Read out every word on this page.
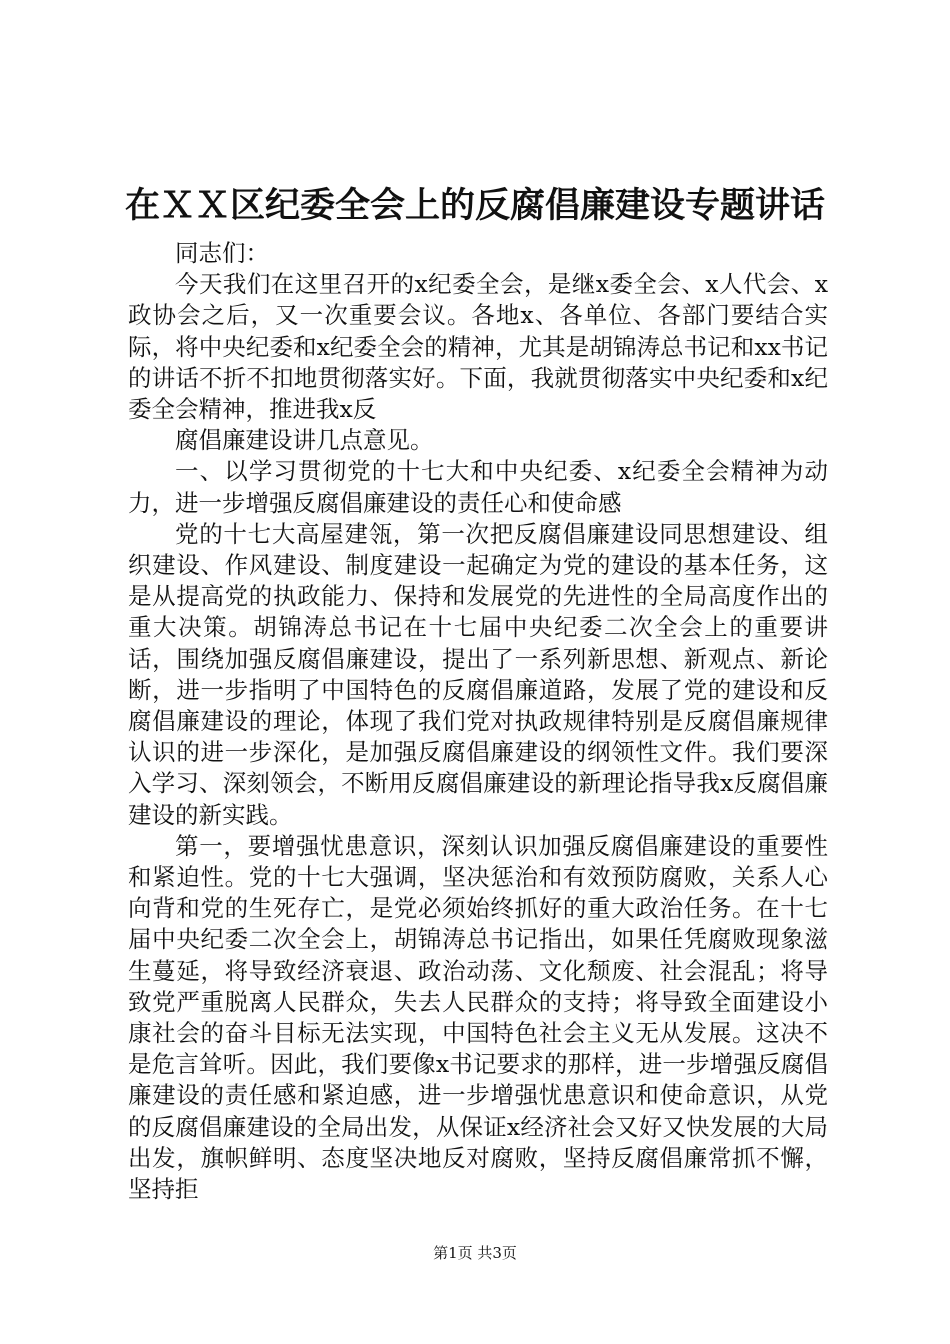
在ＸＸ区纪委全会上的反腐倡廉建设专题讲话

同志们：

今天我们在这里召开的x纪委全会，是继x委全会、x人代会、x政协会之后，又一次重要会议。各地x、各单位、各部门要结合实际，将中央纪委和x纪委全会的精神，尤其是胡锦涛总书记和xx书记的讲话不折不扣地贯彻落实好。下面，我就贯彻落实中央纪委和x纪委全会精神，推进我x反

腐倡廉建设讲几点意见。

一、以学习贯彻党的十七大和中央纪委、x纪委全会精神为动力，进一步增强反腐倡廉建设的责任心和使命感

党的十七大高屋建瓴，第一次把反腐倡廉建设同思想建设、组织建设、作风建设、制度建设一起确定为党的建设的基本任务，这是从提高党的执政能力、保持和发展党的先进性的全局高度作出的重大决策。胡锦涛总书记在十七届中央纪委二次全会上的重要讲话，围绕加强反腐倡廉建设，提出了一系列新思想、新观点、新论断，进一步指明了中国特色的反腐倡廉道路，发展了党的建设和反腐倡廉建设的理论，体现了我们党对执政规律特别是反腐倡廉规律认识的进一步深化，是加强反腐倡廉建设的纲领性文件。我们要深入学习、深刻领会，不断用反腐倡廉建设的新理论指导我x反腐倡廉建设的新实践。

第一，要增强忧患意识，深刻认识加强反腐倡廉建设的重要性和紧迫性。党的十七大强调，坚决惩治和有效预防腐败，关系人心向背和党的生死存亡，是党必须始终抓好的重大政治任务。在十七届中央纪委二次全会上，胡锦涛总书记指出，如果任凭腐败现象滋生蔓延，将导致经济衰退、政治动荡、文化颓废、社会混乱；将导致党严重脱离人民群众，失去人民群众的支持；将导致全面建设小康社会的奋斗目标无法实现，中国特色社会主义无从发展。这决不是危言耸听。因此，我们要像x书记要求的那样，进一步增强反腐倡廉建设的责任感和紧迫感，进一步增强忧患意识和使命意识，从党的反腐倡廉建设的全局出发，从保证x经济社会又好又快发展的大局出发，旗帜鲜明、态度坚决地反对腐败，坚持反腐倡廉常抓不懈，坚持拒

第1页 共3页
